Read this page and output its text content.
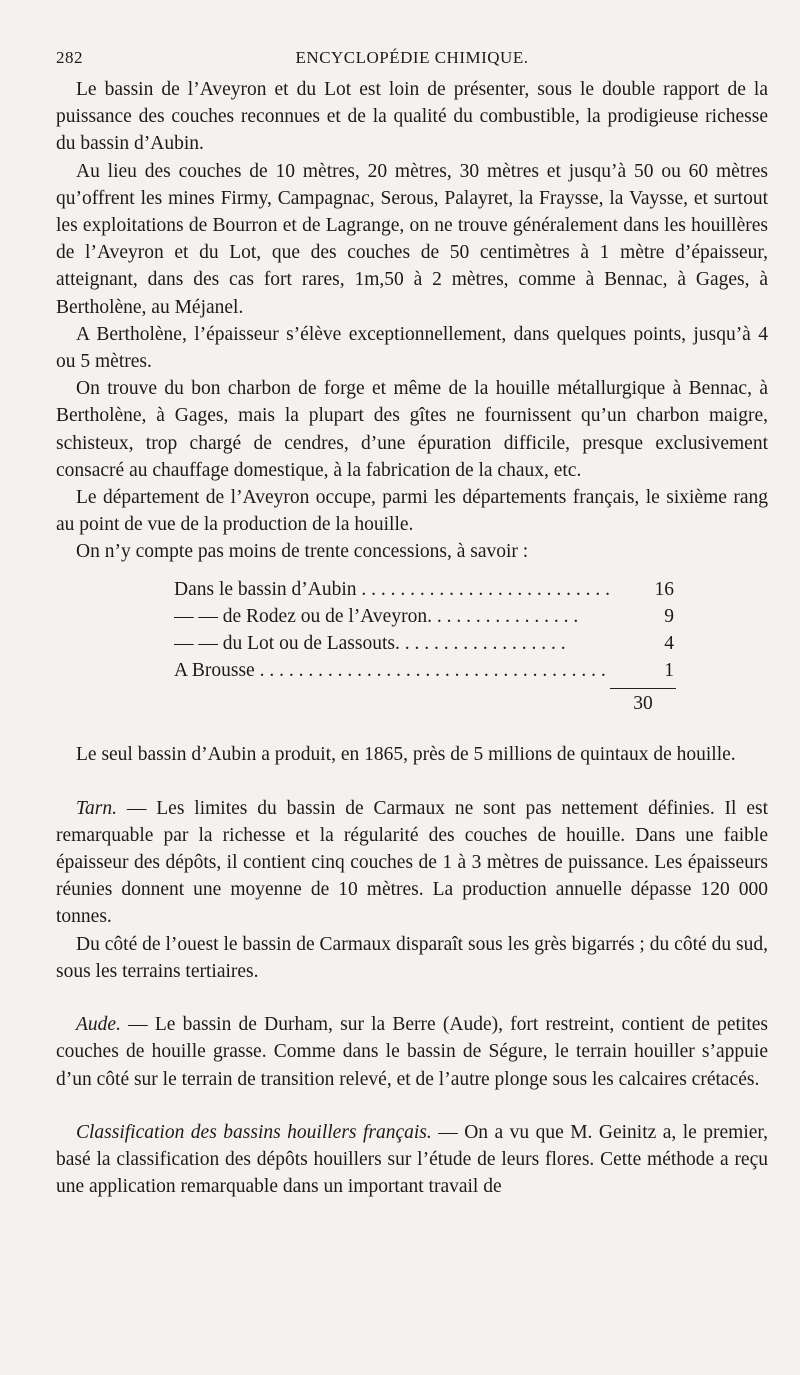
282	ENCYCLOPÉDIE CHIMIQUE.

Le bassin de l’Aveyron et du Lot est loin de présenter, sous le double rapport de la puissance des couches reconnues et de la qualité du combustible, la prodigieuse richesse du bassin d’Aubin.

Au lieu des couches de 10 mètres, 20 mètres, 30 mètres et jusqu’à 50 ou 60 mètres qu’offrent les mines Firmy, Campagnac, Serous, Palayret, la Fraysse, la Vaysse, et surtout les exploitations de Bourron et de Lagrange, on ne trouve généralement dans les houillères de l’Aveyron et du Lot, que des couches de 50 centimètres à 1 mètre d’épaisseur, atteignant, dans des cas fort rares, 1m,50 à 2 mètres, comme à Bennac, à Gages, à Bertholène, au Méjanel.

A Bertholène, l’épaisseur s’élève exceptionnellement, dans quelques points, jusqu’à 4 ou 5 mètres.

On trouve du bon charbon de forge et même de la houille métallurgique à Bennac, à Bertholène, à Gages, mais la plupart des gîtes ne fournissent qu’un charbon maigre, schisteux, trop chargé de cendres, d’une épuration difficile, presque exclusivement consacré au chauffage domestique, à la fabrication de la chaux, etc.

Le département de l’Aveyron occupe, parmi les départements français, le sixième rang au point de vue de la production de la houille.

On n’y compte pas moins de trente concessions, à savoir :

Dans le bassin d’Aubin . . . . . . . . . . . . . . . . . . . . . . . . . .	16
— — de Rodez ou de l’Aveyron. . . . . . . . . . . . . . . .	9
— — du Lot ou de Lassouts. . . . . . . . . . . . . . . . . .	4
A Brousse . . . . . . . . . . . . . . . . . . . . . . . . . . . . . . . . . . . .	1
30

Le seul bassin d’Aubin a produit, en 1865, près de 5 millions de quintaux de houille.

Tarn. — Les limites du bassin de Carmaux ne sont pas nettement définies. Il est remarquable par la richesse et la régularité des couches de houille. Dans une faible épaisseur des dépôts, il contient cinq couches de 1 à 3 mètres de puissance. Les épaisseurs réunies donnent une moyenne de 10 mètres. La production annuelle dépasse 120 000 tonnes.

Du côté de l’ouest le bassin de Carmaux disparaît sous les grès bigarrés ; du côté du sud, sous les terrains tertiaires.

Aude. — Le bassin de Durham, sur la Berre (Aude), fort restreint, contient de petites couches de houille grasse. Comme dans le bassin de Ségure, le terrain houiller s’appuie d’un côté sur le terrain de transition relevé, et de l’autre plonge sous les calcaires crétacés.

Classification des bassins houillers français. — On a vu que M. Geinitz a, le premier, basé la classification des dépôts houillers sur l’étude de leurs flores. Cette méthode a reçu une application remarquable dans un important travail de
